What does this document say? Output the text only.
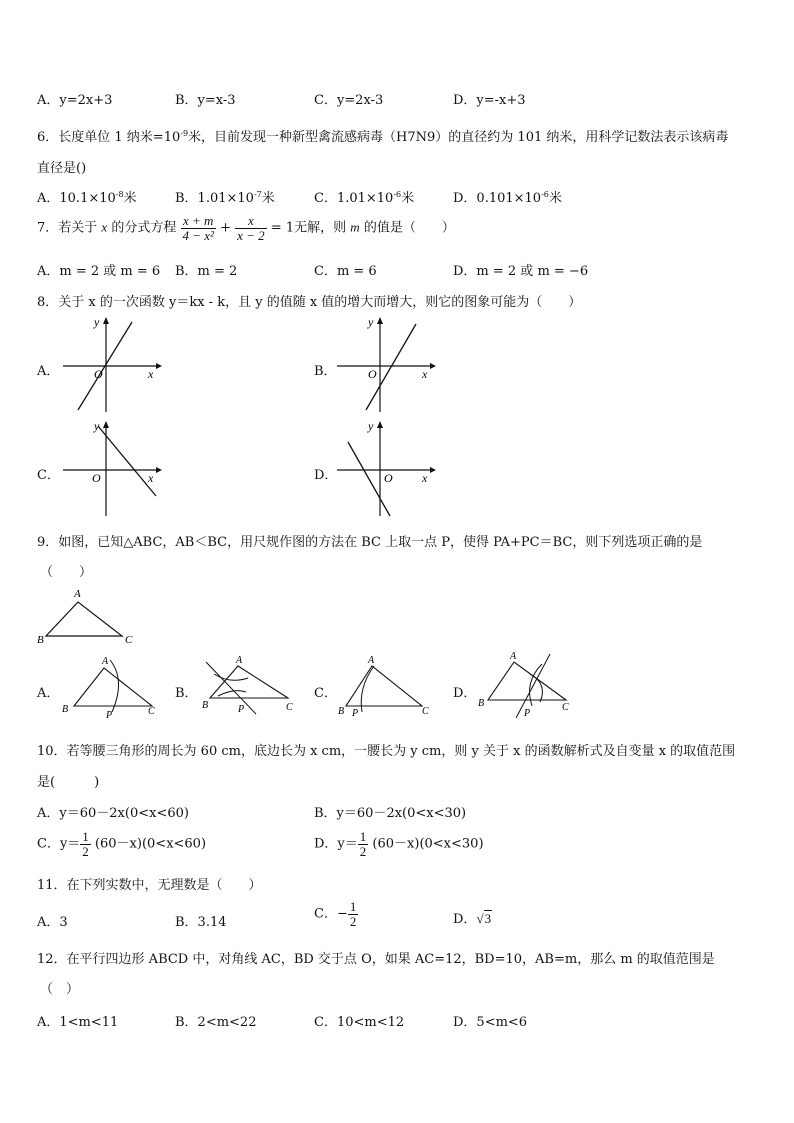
A．y=2x+3	B．y=x-3	C．y=2x-3	D．y=-x+3
6．长度单位 1 纳米$=10^{-9}$米，目前发现一种新型禽流感病毒（H7N9）的直径约为 101 纳米，用科学记数法表示该病毒
直径是()
A．$10.1\times 10^{-8}$米	B．$1.01\times 10^{-7}$米	C．$1.01\times 10^{-6}$米	D．$0.101\times 10^{-6}$米
7．若关于 x 的分式方程 $\frac{x + m}{\text{4 − x²}} + \frac{x}{x - 2} = 1$无解，则 m 的值是（　　）
A．m = 2 或 m = 6 B．m = 2	C．m = 6	D．m = 2 或 m = −6
8．关于 x 的一次函数 y＝kx - k，且 y 的值随 x 值的增大而增大，则它的图象可能为（　　）
A．	x
y
O	B．	x
y
O
C．	x
y
O	D．	x
y
O
9．如图，已知△ABC，AB＜BC，用尺规作图的方法在 BC 上取一点 P，使得 PA+PC＝BC，则下列选项正确的是
（　　）
A
B	C
A．
A
B	C
P
B．
A
B	C
P
C．
A
B	C
P
D．
A
B	C
P
10．若等腰三角形的周长为 60 cm，底边长为 x cm，一腰长为 y cm，则 y 关于 x 的函数解析式及自变量 x 的取值范围
是(　　　)
A．y＝60－2x(0<x<60)	B．y＝60－2x(0<x<30)
C．$y= \frac{1}{2} (60-x)(0<x<60)$	D．$y= \frac{1}{2} (60-x)(0<x<30)$
11．在下列实数中，无理数是（　　）
A．3	B．3.14
C．− $\frac{1}{2}$	D．√3
12．在平行四边形 ABCD 中，对角线 AC，BD 交于点 O，如果 AC=12，BD=10，AB=m，那么 m 的取值范围是
（　）
A．1<m<11	B．2<m<22	C．10<m<12	D．5<m<6
